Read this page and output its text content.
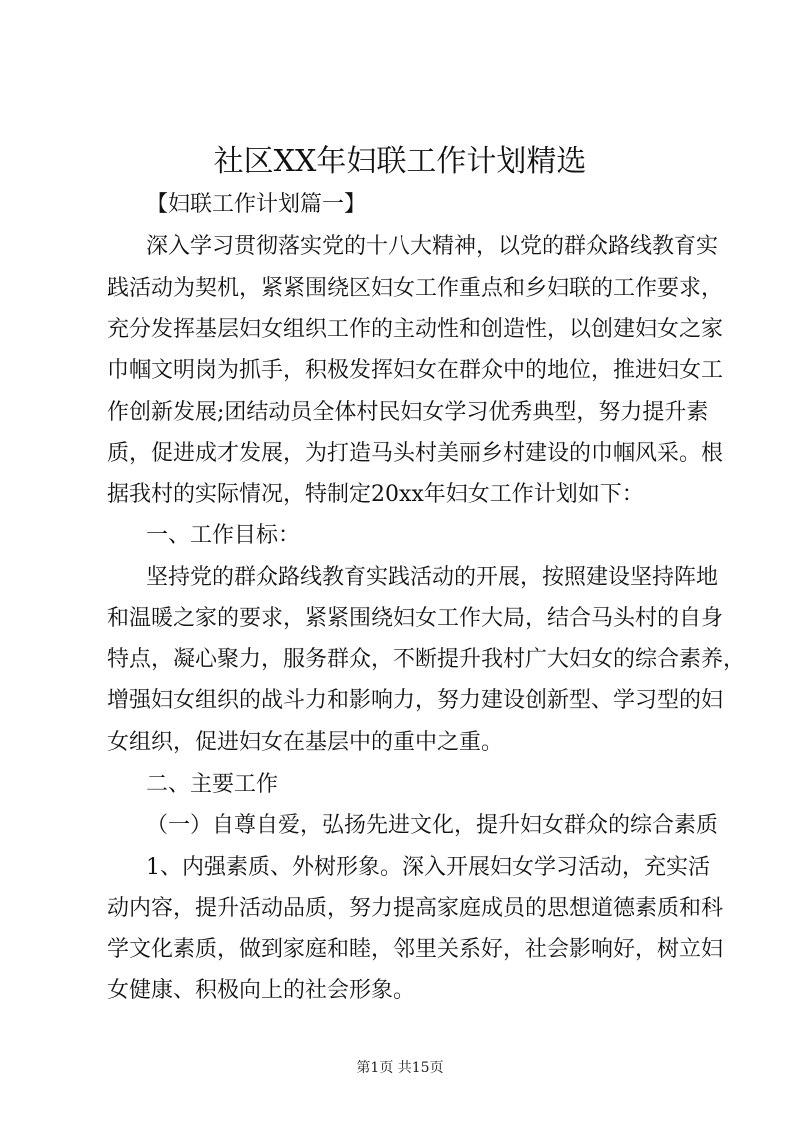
社区XX年妇联工作计划精选

【妇联工作计划篇一】

深入学习贯彻落实党的十八大精神，以党的群众路线教育实

践活动为契机，紧紧围绕区妇女工作重点和乡妇联的工作要求，

充分发挥基层妇女组织工作的主动性和创造性，以创建妇女之家

巾帼文明岗为抓手，积极发挥妇女在群众中的地位，推进妇女工

作创新发展;团结动员全体村民妇女学习优秀典型，努力提升素

质，促进成才发展，为打造马头村美丽乡村建设的巾帼风采。根

据我村的实际情况，特制定20xx年妇女工作计划如下：

一、工作目标：

坚持党的群众路线教育实践活动的开展，按照建设坚持阵地

和温暖之家的要求，紧紧围绕妇女工作大局，结合马头村的自身

特点，凝心聚力，服务群众，不断提升我村广大妇女的综合素养，

增强妇女组织的战斗力和影响力，努力建设创新型、学习型的妇

女组织，促进妇女在基层中的重中之重。

二、主要工作

（一）自尊自爱，弘扬先进文化，提升妇女群众的综合素质

1、内强素质、外树形象。深入开展妇女学习活动，充实活

动内容，提升活动品质，努力提高家庭成员的思想道德素质和科

学文化素质，做到家庭和睦，邻里关系好，社会影响好，树立妇

女健康、积极向上的社会形象。

第1页 共15页
